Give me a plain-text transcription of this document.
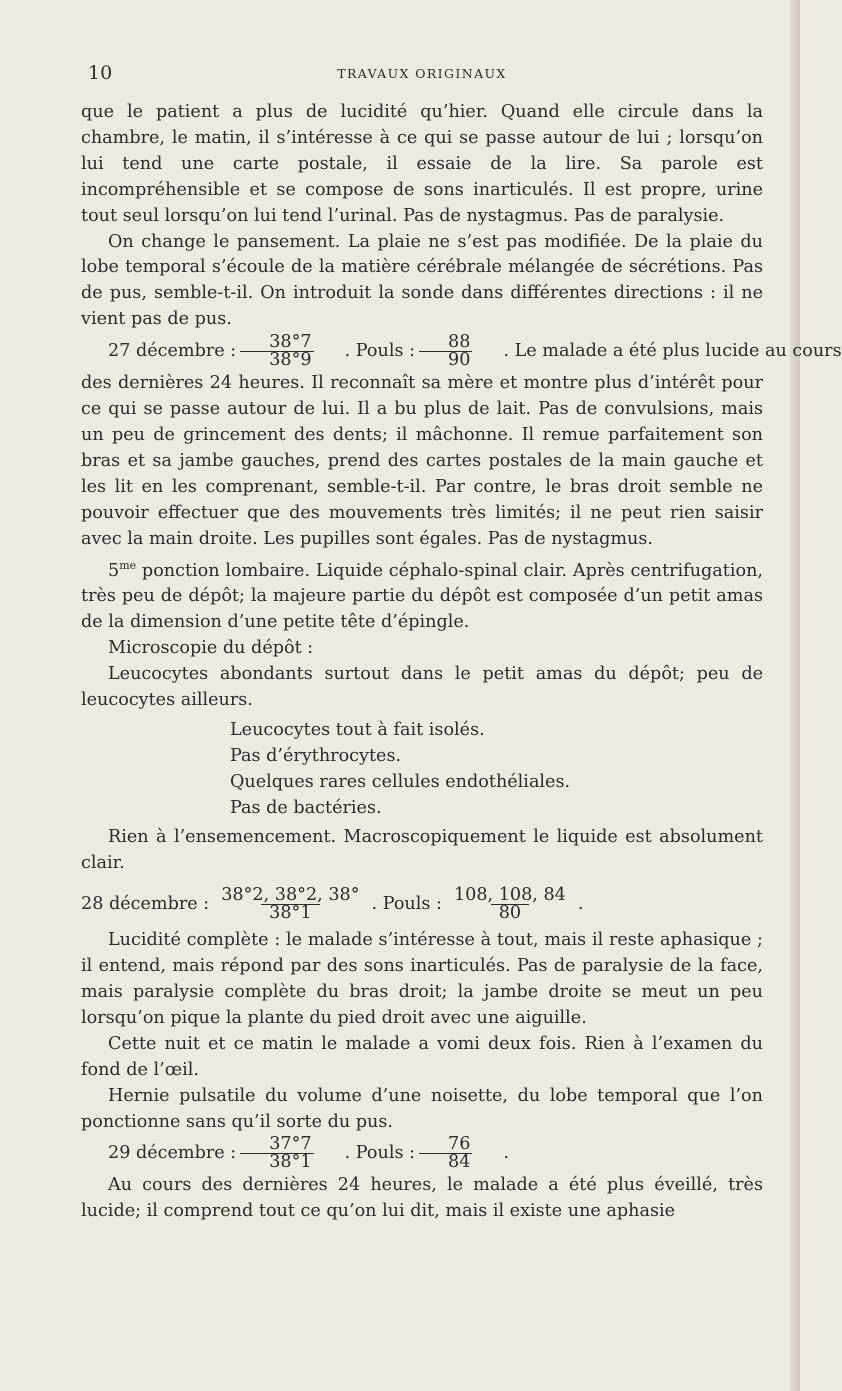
10	TRAVAUX ORIGINAUX

que le patient a plus de lucidité qu’hier. Quand elle circule dans la chambre, le matin, il s’intéresse à ce qui se passe autour de lui ; lorsqu’on lui tend une carte postale, il essaie de la lire. Sa parole est incompréhensible et se compose de sons inarticulés. Il est propre, urine tout seul lorsqu’on lui tend l’urinal. Pas de nystagmus. Pas de paralysie.

On change le pansement. La plaie ne s’est pas modifiée. De la plaie du lobe temporal s’écoule de la matière cérébrale mélangée de sécrétions. Pas de pus, semble-t-il. On introduit la sonde dans différentes directions : il ne vient pas de pus.

27 décembre : $\frac{38^\circ 7}{38^\circ 9}$	. Pouls : $\frac{88}{90}$	. Le malade a été plus lucide au cours

des dernières 24 heures. Il reconnaît sa mère et montre plus d’intérêt pour ce qui se passe autour de lui. Il a bu plus de lait. Pas de convulsions, mais un peu de grincement des dents; il mâchonne. Il remue parfaitement son bras et sa jambe gauches, prend des cartes postales de la main gauche et les lit en les comprenant, semble-t-il. Par contre, le bras droit semble ne pouvoir effectuer que des mouvements très limités; il ne peut rien saisir avec la main droite. Les pupilles sont égales. Pas de nystagmus.

$5^{me}$ ponction lombaire. Liquide céphalo-spinal clair. Après centrifugation, très peu de dépôt; la majeure partie du dépôt est composée d’un petit amas de la dimension d’une petite tête d’épingle.

Microscopie du dépôt :

Leucocytes abondants surtout dans le petit amas du dépôt; peu de leucocytes ailleurs.

Leucocytes tout à fait isolés.
Pas d’érythrocytes.
Quelques rares cellules endothéliales.
Pas de bactéries.

Rien à l’ensemencement. Macroscopiquement le liquide est absolument clair.

28 décembre : $\frac{38^\circ 2, 38^\circ 2, 38^\circ}{38^\circ 1}$ . Pouls : $\frac{108, 108, 84}{80}$ .

Lucidité complète : le malade s’intéresse à tout, mais il reste aphasique ; il entend, mais répond par des sons inarticulés. Pas de paralysie de la face, mais paralysie complète du bras droit; la jambe droite se meut un peu lorsqu’on pique la plante du pied droit avec une aiguille.

Cette nuit et ce matin le malade a vomi deux fois. Rien à l’examen du fond de l’œil.

Hernie pulsatile du volume d’une noisette, du lobe temporal que l’on ponctionne sans qu’il sorte du pus.

29 décembre : $\frac{37^\circ 7}{38^\circ 1}$	. Pouls : $\frac{76}{84}$	.

Au cours des dernières 24 heures, le malade a été plus éveillé, très lucide; il comprend tout ce qu’on lui dit, mais il existe une aphasie
